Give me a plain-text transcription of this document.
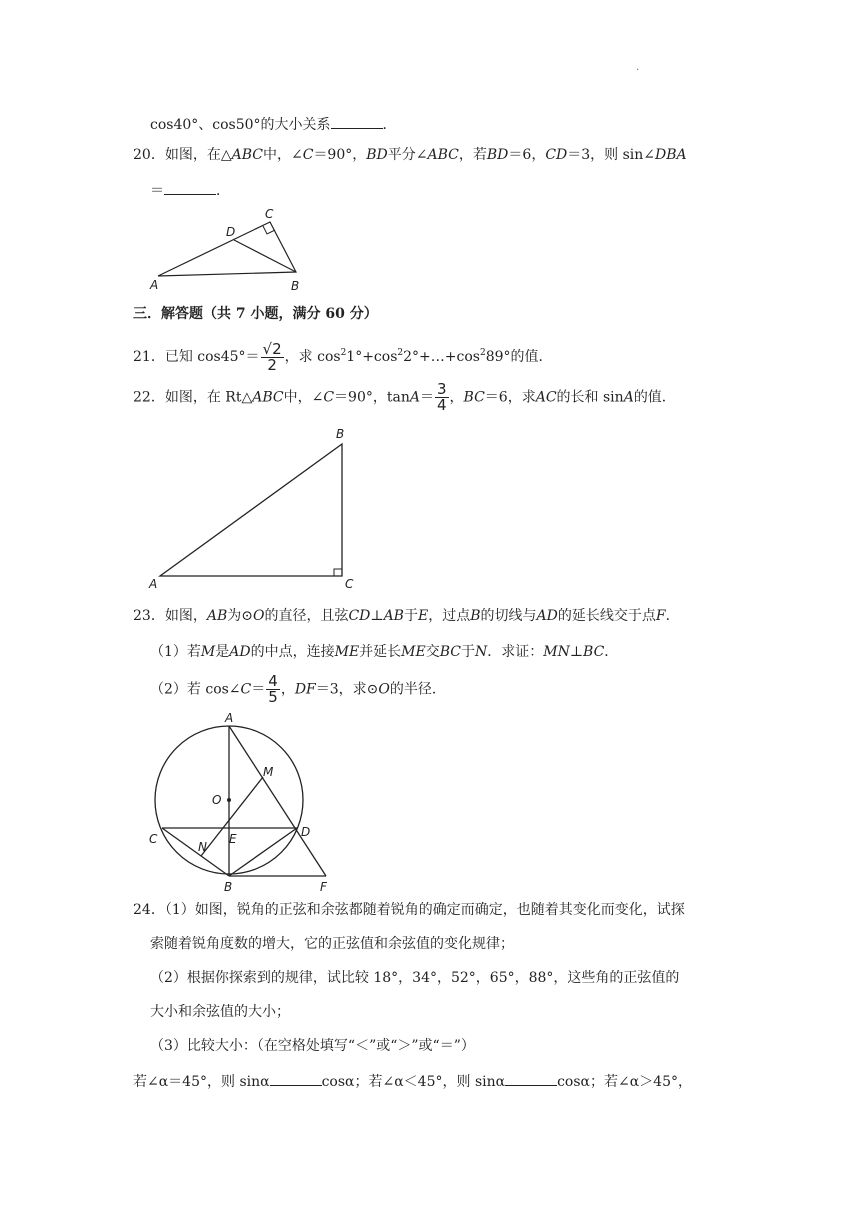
.
cos40°、cos50°的大小关系	．
20．如图，在△ABC中，∠C＝90°，BD平分∠ABC，若BD＝6，CD＝3，则 sin∠DBA
＝	．
A	B
C
D
三．解答题（共 7 小题，满分 60 分）
21．已知 $\cos 45^\circ= \frac{√2}{2}$ ，求 $\cos^21^\circ+\cos^22^\circ+\dots+\cos^289^\circ$的值．
22．如图，在 Rt△ABC中，∠C＝90°，$\tan A= \frac{3}{4}$ ，BC＝6，求AC的长和 sinA的值．
A
B
C
23．如图，AB为⊙O的直径，且弦CD⊥AB于E，过点B的切线与AD的延长线交于点F．
（1）若M是AD的中点，连接ME并延长ME交BC于N．求证：MN⊥BC．
（2）若 cos∠C＝ $\frac{4}{5}$ ，DF＝3，求⊙O的半径．
A
M
O
C
N
E	D
B	F
24．（1）如图，锐角的正弦和余弦都随着锐角的确定而确定，也随着其变化而变化，试探
索随着锐角度数的增大，它的正弦值和余弦值的变化规律；
（2）根据你探索到的规律，试比较 18°，34°，52°，65°，88°，这些角的正弦值的
大小和余弦值的大小；
（3）比较大小：（在空格处填写“＜”或“＞”或“＝”）
若∠α＝45°，则 sinα	cosα；若∠α＜45°，则 sinα	cosα；若∠α＞45°，
